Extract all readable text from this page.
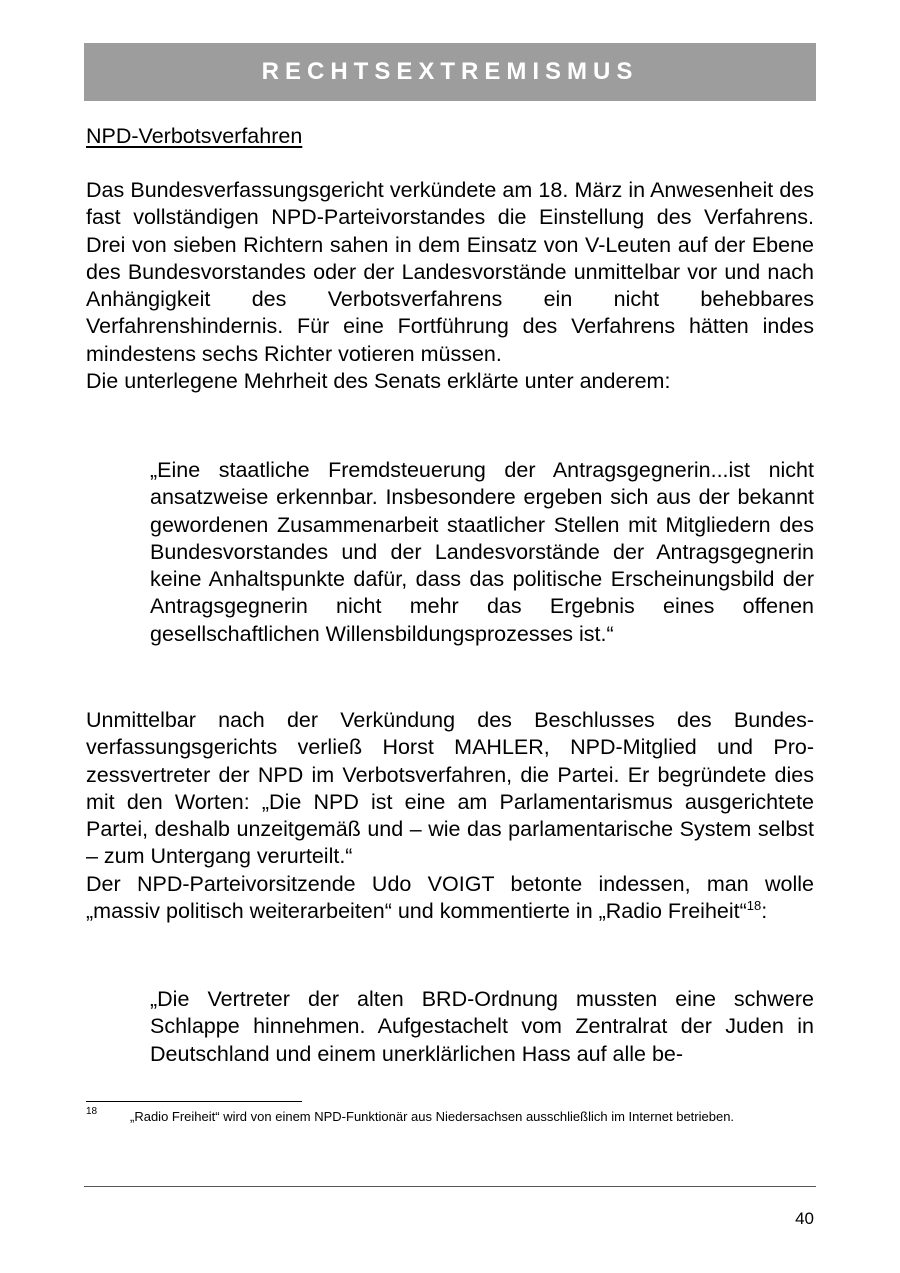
RECHTSEXTREMISMUS
NPD-Verbotsverfahren

Das Bundesverfassungsgericht verkündete am 18. März in Anwesenheit des fast vollständigen NPD-Parteivorstandes die Einstellung des Verfahrens. Drei von sieben Richtern sahen in dem Einsatz von V-Leuten auf der Ebene des Bundesvorstandes oder der Landesvorstände unmittelbar vor und nach Anhängigkeit des Verbotsverfahrens ein nicht behebbares Verfahrenshindernis. Für eine Fortführung des Verfahrens hätten indes mindestens sechs Richter votieren müssen.

Die unterlegene Mehrheit des Senats erklärte unter anderem:

„Eine staatliche Fremdsteuerung der Antragsgegnerin...ist nicht ansatzweise erkennbar. Insbesondere ergeben sich aus der bekannt gewordenen Zusammenarbeit staatlicher Stellen mit Mitgliedern des Bundesvorstandes und der Landesvorstände der Antragsgegnerin keine Anhaltspunkte dafür, dass das politische Erscheinungsbild der Antragsgegnerin nicht mehr das Ergebnis eines offenen gesellschaftlichen Willensbildungsprozesses ist.“

Unmittelbar nach der Verkündung des Beschlusses des Bundesverfassungsgerichts verließ Horst MAHLER, NPD-Mitglied und Prozessvertreter der NPD im Verbotsverfahren, die Partei. Er begründete dies mit den Worten: „Die NPD ist eine am Parlamentarismus ausgerichtete Partei, deshalb unzeitgemäß und – wie das parlamentarische System selbst – zum Untergang verurteilt.“

Der NPD-Parteivorsitzende Udo VOIGT betonte indessen, man wolle „massiv politisch weiterarbeiten“ und kommentierte in „Radio Freiheit“$^{18}$:

„Die Vertreter der alten BRD-Ordnung mussten eine schwere Schlappe hinnehmen. Aufgestachelt vom Zentralrat der Juden in Deutschland und einem unerklärlichen Hass auf alle be-

18	„Radio Freiheit“ wird von einem NPD-Funktionär aus Niedersachsen ausschließlich im Internet betrieben.
40
